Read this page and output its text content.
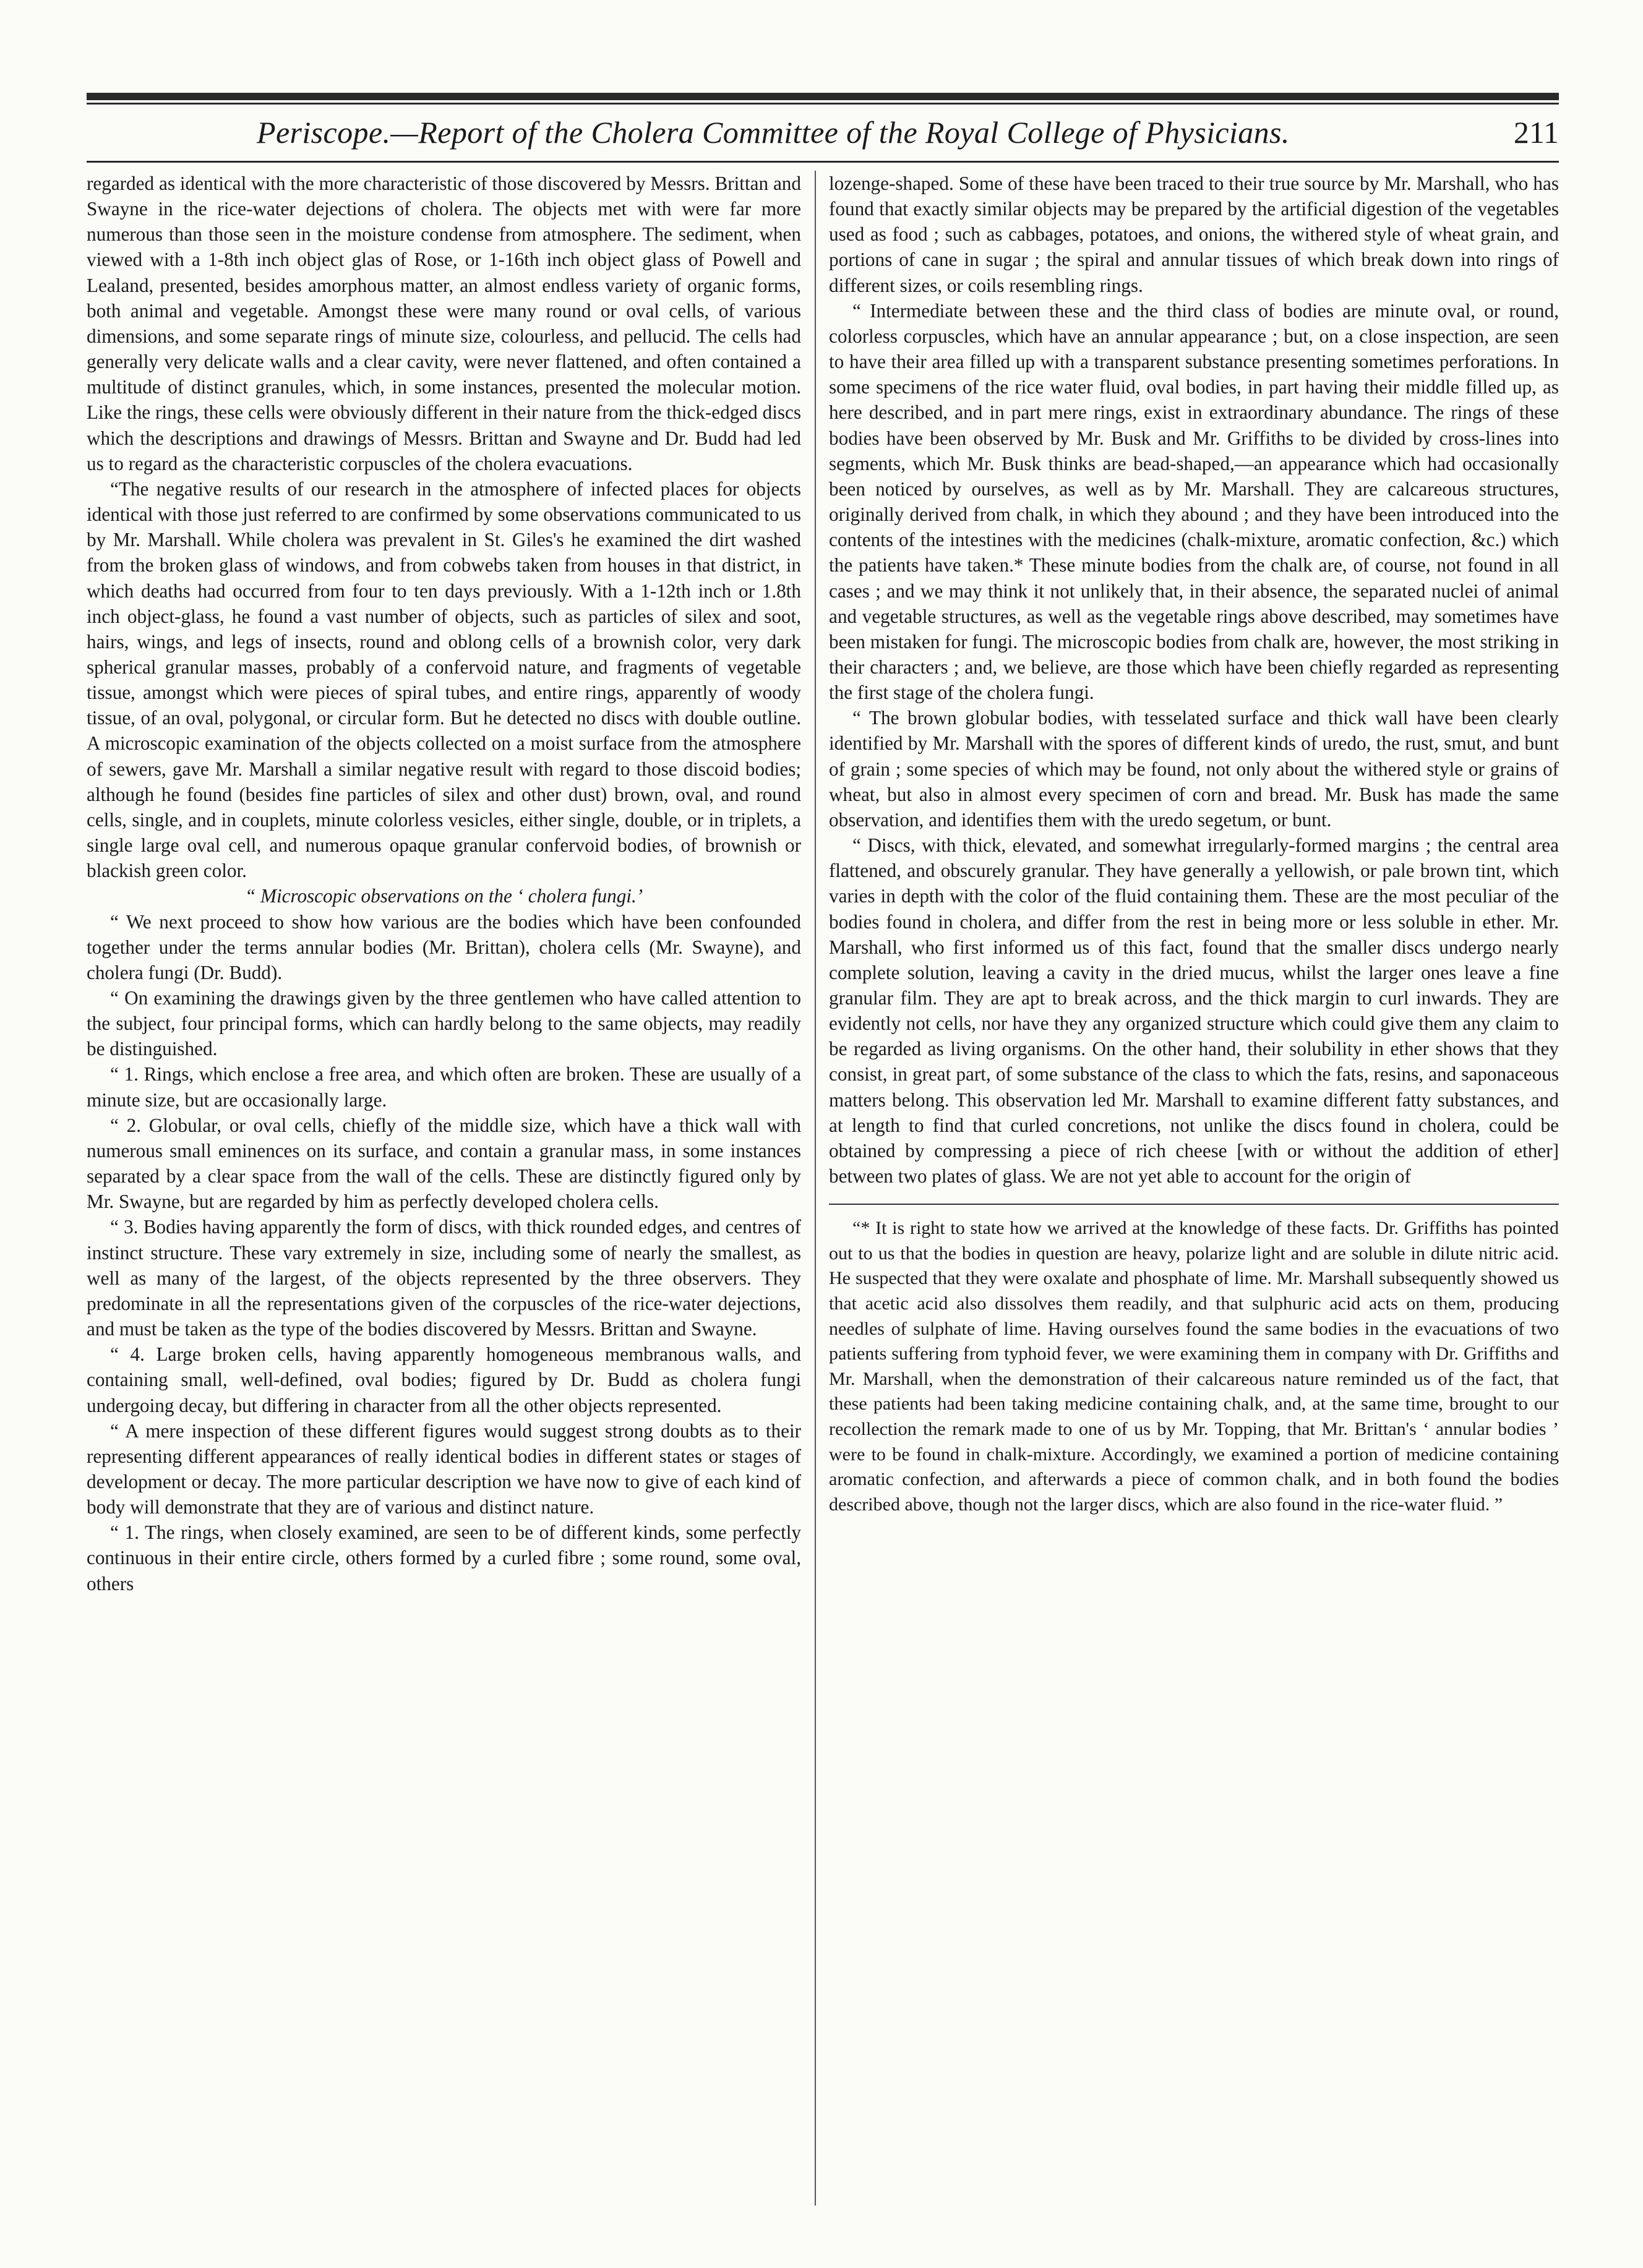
Periscope.—Report of the Cholera Committee of the Royal College of Physicians.	211

regarded as identical with the more characteristic of those discovered by Messrs. Brittan and Swayne in the rice-water dejections of cholera. The objects met with were far more numerous than those seen in the moisture condense from atmosphere. The sediment, when viewed with a 1-8th inch object glas of Rose, or 1-16th inch object glass of Powell and Lealand, presented, besides amorphous matter, an almost endless variety of organic forms, both animal and vegetable. Amongst these were many round or oval cells, of various dimensions, and some separate rings of minute size, colourless, and pellucid. The cells had generally very delicate walls and a clear cavity, were never flattened, and often contained a multitude of distinct granules, which, in some instances, presented the molecular motion. Like the rings, these cells were obviously different in their nature from the thick-edged discs which the descriptions and drawings of Messrs. Brittan and Swayne and Dr. Budd had led us to regard as the characteristic corpuscles of the cholera evacuations.

“The negative results of our research in the atmosphere of infected places for objects identical with those just referred to are confirmed by some observations communicated to us by Mr. Marshall. While cholera was prevalent in St. Giles's he examined the dirt washed from the broken glass of windows, and from cobwebs taken from houses in that district, in which deaths had occurred from four to ten days previously. With a 1-12th inch or 1.8th inch object-glass, he found a vast number of objects, such as particles of silex and soot, hairs, wings, and legs of insects, round and oblong cells of a brownish color, very dark spherical granular masses, probably of a confervoid nature, and fragments of vegetable tissue, amongst which were pieces of spiral tubes, and entire rings, apparently of woody tissue, of an oval, polygonal, or circular form. But he detected no discs with double outline. A microscopic examination of the objects collected on a moist surface from the atmosphere of sewers, gave Mr. Marshall a similar negative result with regard to those discoid bodies; although he found (besides fine particles of silex and other dust) brown, oval, and round cells, single, and in couplets, minute colorless vesicles, either single, double, or in triplets, a single large oval cell, and numerous opaque granular confervoid bodies, of brownish or blackish green color.

“ Microscopic observations on the ‘ cholera fungi.’

“ We next proceed to show how various are the bodies which have been confounded together under the terms annular bodies (Mr. Brittan), cholera cells (Mr. Swayne), and cholera fungi (Dr. Budd).

“ On examining the drawings given by the three gentlemen who have called attention to the subject, four principal forms, which can hardly belong to the same objects, may readily be distinguished.

“ 1. Rings, which enclose a free area, and which often are broken. These are usually of a minute size, but are occasionally large.

“ 2. Globular, or oval cells, chiefly of the middle size, which have a thick wall with numerous small eminences on its surface, and contain a granular mass, in some instances separated by a clear space from the wall of the cells. These are distinctly figured only by Mr. Swayne, but are regarded by him as perfectly developed cholera cells.

“ 3. Bodies having apparently the form of discs, with thick rounded edges, and centres of instinct structure. These vary extremely in size, including some of nearly the smallest, as well as many of the largest, of the objects represented by the three observers. They predominate in all the representations given of the corpuscles of the rice-water dejections, and must be taken as the type of the bodies discovered by Messrs. Brittan and Swayne.

“ 4. Large broken cells, having apparently homogeneous membranous walls, and containing small, well-defined, oval bodies; figured by Dr. Budd as cholera fungi undergoing decay, but differing in character from all the other objects represented.

“ A mere inspection of these different figures would suggest strong doubts as to their representing different appearances of really identical bodies in different states or stages of development or decay. The more particular description we have now to give of each kind of body will demonstrate that they are of various and distinct nature.

“ 1. The rings, when closely examined, are seen to be of different kinds, some perfectly continuous in their entire circle, others formed by a curled fibre ; some round, some oval, others

lozenge-shaped. Some of these have been traced to their true source by Mr. Marshall, who has found that exactly similar objects may be prepared by the artificial digestion of the vegetables used as food ; such as cabbages, potatoes, and onions, the withered style of wheat grain, and portions of cane in sugar ; the spiral and annular tissues of which break down into rings of different sizes, or coils resembling rings.

“ Intermediate between these and the third class of bodies are minute oval, or round, colorless corpuscles, which have an annular appearance ; but, on a close inspection, are seen to have their area filled up with a transparent substance presenting sometimes perforations. In some specimens of the rice water fluid, oval bodies, in part having their middle filled up, as here described, and in part mere rings, exist in extraordinary abundance. The rings of these bodies have been observed by Mr. Busk and Mr. Griffiths to be divided by cross-lines into segments, which Mr. Busk thinks are bead-shaped,—an appearance which had occasionally been noticed by ourselves, as well as by Mr. Marshall. They are calcareous structures, originally derived from chalk, in which they abound ; and they have been introduced into the contents of the intestines with the medicines (chalk-mixture, aromatic confection, &c.) which the patients have taken.* These minute bodies from the chalk are, of course, not found in all cases ; and we may think it not unlikely that, in their absence, the separated nuclei of animal and vegetable structures, as well as the vegetable rings above described, may sometimes have been mistaken for fungi. The microscopic bodies from chalk are, however, the most striking in their characters ; and, we believe, are those which have been chiefly regarded as representing the first stage of the cholera fungi.

“ The brown globular bodies, with tesselated surface and thick wall have been clearly identified by Mr. Marshall with the spores of different kinds of uredo, the rust, smut, and bunt of grain ; some species of which may be found, not only about the withered style or grains of wheat, but also in almost every specimen of corn and bread. Mr. Busk has made the same observation, and identifies them with the uredo segetum, or bunt.

“ Discs, with thick, elevated, and somewhat irregularly-formed margins ; the central area flattened, and obscurely granular. They have generally a yellowish, or pale brown tint, which varies in depth with the color of the fluid containing them. These are the most peculiar of the bodies found in cholera, and differ from the rest in being more or less soluble in ether. Mr. Marshall, who first informed us of this fact, found that the smaller discs undergo nearly complete solution, leaving a cavity in the dried mucus, whilst the larger ones leave a fine granular film. They are apt to break across, and the thick margin to curl inwards. They are evidently not cells, nor have they any organized structure which could give them any claim to be regarded as living organisms. On the other hand, their solubility in ether shows that they consist, in great part, of some substance of the class to which the fats, resins, and saponaceous matters belong. This observation led Mr. Marshall to examine different fatty substances, and at length to find that curled concretions, not unlike the discs found in cholera, could be obtained by compressing a piece of rich cheese [with or without the addition of ether] between two plates of glass. We are not yet able to account for the origin of

“* It is right to state how we arrived at the knowledge of these facts. Dr. Griffiths has pointed out to us that the bodies in question are heavy, polarize light and are soluble in dilute nitric acid. He suspected that they were oxalate and phosphate of lime. Mr. Marshall subsequently showed us that acetic acid also dissolves them readily, and that sulphuric acid acts on them, producing needles of sulphate of lime. Having ourselves found the same bodies in the evacuations of two patients suffering from typhoid fever, we were examining them in company with Dr. Griffiths and Mr. Marshall, when the demonstration of their calcareous nature reminded us of the fact, that these patients had been taking medicine containing chalk, and, at the same time, brought to our recollection the remark made to one of us by Mr. Topping, that Mr. Brittan's ‘ annular bodies ’ were to be found in chalk-mixture. Accordingly, we examined a portion of medicine containing aromatic confection, and afterwards a piece of common chalk, and in both found the bodies described above, though not the larger discs, which are also found in the rice-water fluid. ”
